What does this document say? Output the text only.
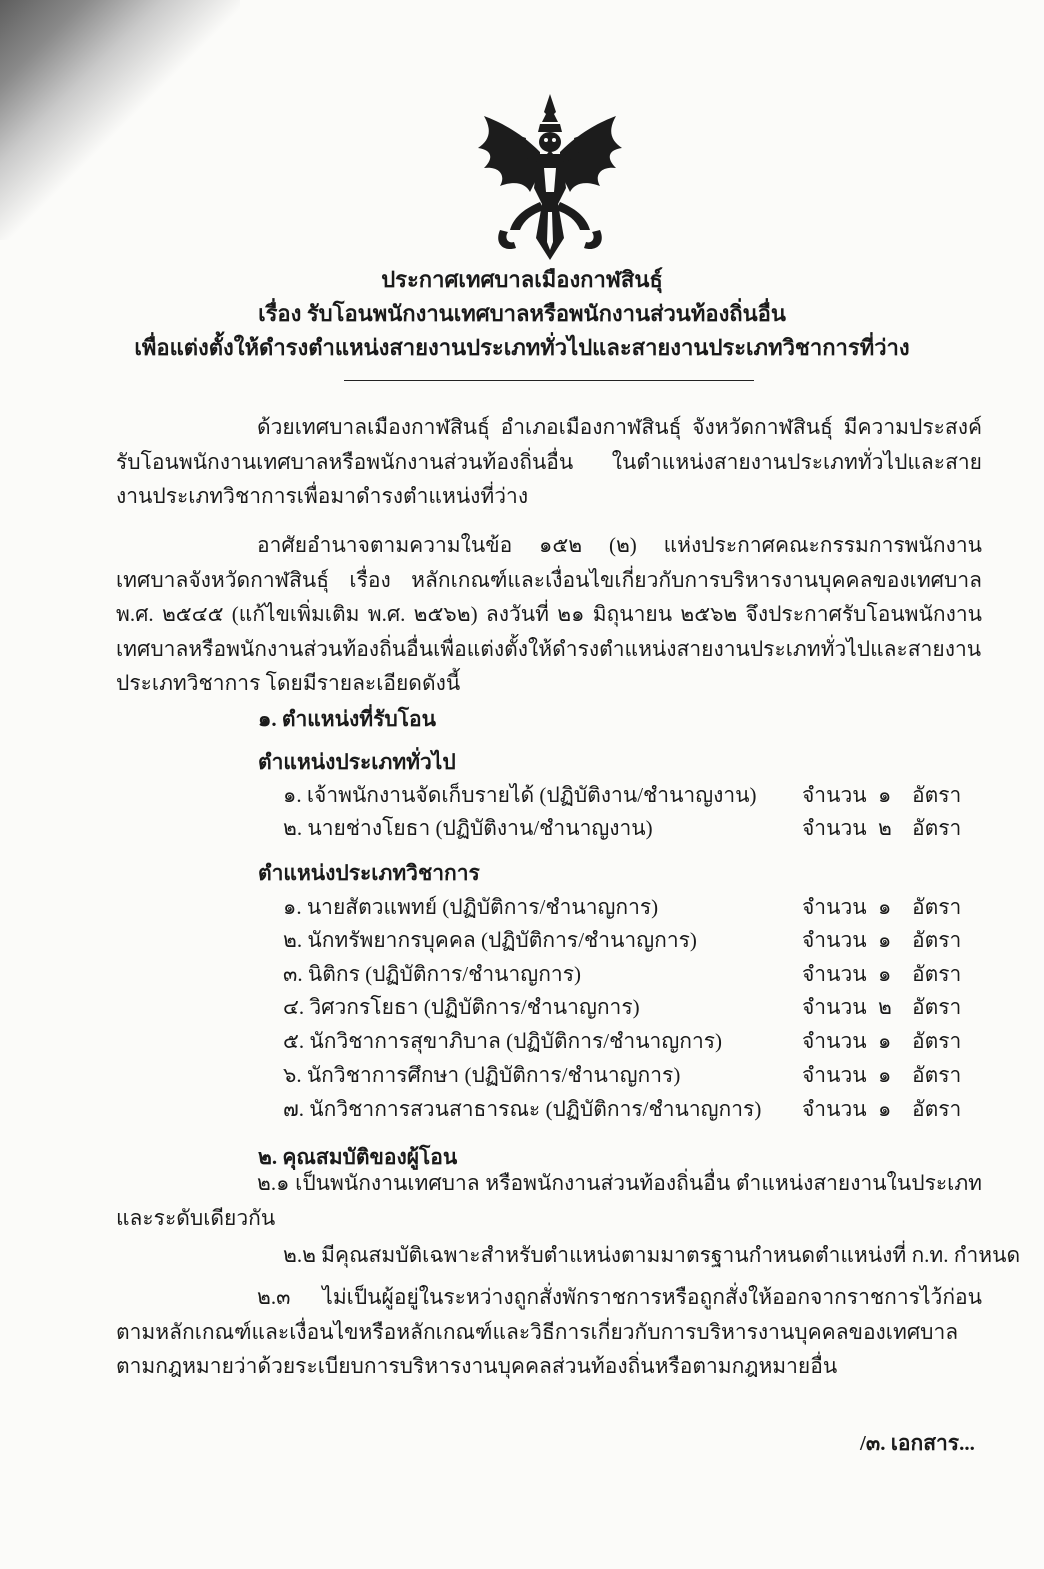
ประกาศเทศบาลเมืองกาฬสินธุ์
เรื่อง รับโอนพนักงานเทศบาลหรือพนักงานส่วนท้องถิ่นอื่น
เพื่อแต่งตั้งให้ดำรงตำแหน่งสายงานประเภททั่วไปและสายงานประเภทวิชาการที่ว่าง

ด้วยเทศบาลเมืองกาฬสินธุ์ อำเภอเมืองกาฬสินธุ์ จังหวัดกาฬสินธุ์ มีความประสงค์รับโอนพนักงานเทศบาลหรือพนักงานส่วนท้องถิ่นอื่น ในตำแหน่งสายงานประเภททั่วไปและสายงานประเภทวิชาการเพื่อมาดำรงตำแหน่งที่ว่าง

อาศัยอำนาจตามความในข้อ ๑๕๒ (๒) แห่งประกาศคณะกรรมการพนักงานเทศบาลจังหวัดกาฬสินธุ์ เรื่อง หลักเกณฑ์และเงื่อนไขเกี่ยวกับการบริหารงานบุคคลของเทศบาล พ.ศ. ๒๕๔๕ (แก้ไขเพิ่มเติม พ.ศ. ๒๕๖๒) ลงวันที่ ๒๑ มิถุนายน ๒๕๖๒ จึงประกาศรับโอนพนักงานเทศบาลหรือพนักงานส่วนท้องถิ่นอื่นเพื่อแต่งตั้งให้ดำรงตำแหน่งสายงานประเภททั่วไปและสายงานประเภทวิชาการ โดยมีรายละเอียดดังนี้

๑. ตำแหน่งที่รับโอน
ตำแหน่งประเภททั่วไป
๑. เจ้าพนักงานจัดเก็บรายได้ (ปฏิบัติงาน/ชำนาญงาน) จำนวน ๑ อัตรา
๒. นายช่างโยธา (ปฏิบัติงาน/ชำนาญงาน)	จำนวน ๒ อัตรา
ตำแหน่งประเภทวิชาการ
๑. นายสัตวแพทย์ (ปฏิบัติการ/ชำนาญการ)	จำนวน ๑ อัตรา
๒. นักทรัพยากรบุคคล (ปฏิบัติการ/ชำนาญการ)	จำนวน ๑ อัตรา
๓. นิติกร (ปฏิบัติการ/ชำนาญการ)	จำนวน ๑ อัตรา
๔. วิศวกรโยธา (ปฏิบัติการ/ชำนาญการ)	จำนวน ๒ อัตรา
๕. นักวิชาการสุขาภิบาล (ปฏิบัติการ/ชำนาญการ)	จำนวน ๑ อัตรา
๖. นักวิชาการศึกษา (ปฏิบัติการ/ชำนาญการ)	จำนวน ๑ อัตรา
๗. นักวิชาการสวนสาธารณะ (ปฏิบัติการ/ชำนาญการ) จำนวน ๑ อัตรา
๒. คุณสมบัติของผู้โอน

๒.๑ เป็นพนักงานเทศบาล หรือพนักงานส่วนท้องถิ่นอื่น ตำแหน่งสายงานในประเภทและระดับเดียวกัน

๒.๒ มีคุณสมบัติเฉพาะสำหรับตำแหน่งตามมาตรฐานกำหนดตำแหน่งที่ ก.ท. กำหนด

๒.๓ ไม่เป็นผู้อยู่ในระหว่างถูกสั่งพักราชการหรือถูกสั่งให้ออกจากราชการไว้ก่อนตามหลักเกณฑ์และเงื่อนไขหรือหลักเกณฑ์และวิธีการเกี่ยวกับการบริหารงานบุคคลของเทศบาลตามกฎหมายว่าด้วยระเบียบการบริหารงานบุคคลส่วนท้องถิ่นหรือตามกฎหมายอื่น

/๓. เอกสาร...
